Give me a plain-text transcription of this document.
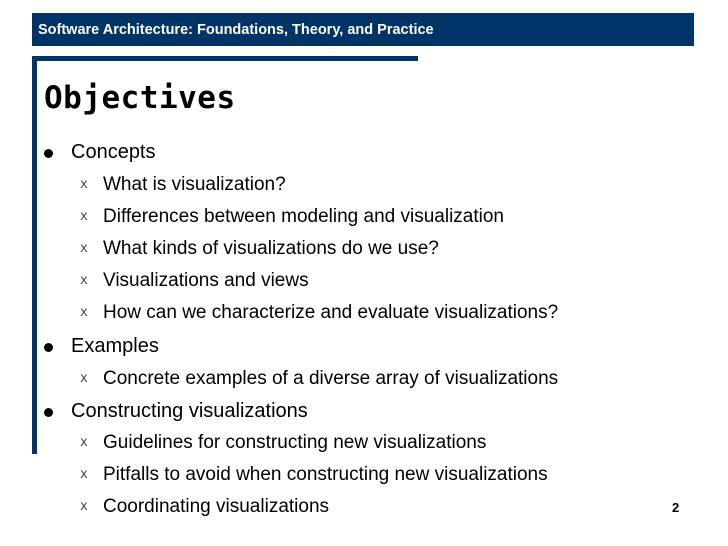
Software Architecture: Foundations, Theory, and Practice
Objectives
Concepts
x What is visualization?
x Differences between modeling and visualization
x What kinds of visualizations do we use?
x Visualizations and views
x How can we characterize and evaluate visualizations?
Examples
x Concrete examples of a diverse array of visualizations
Constructing visualizations
x Guidelines for constructing new visualizations
x Pitfalls to avoid when constructing new visualizations
x Coordinating visualizations	2
